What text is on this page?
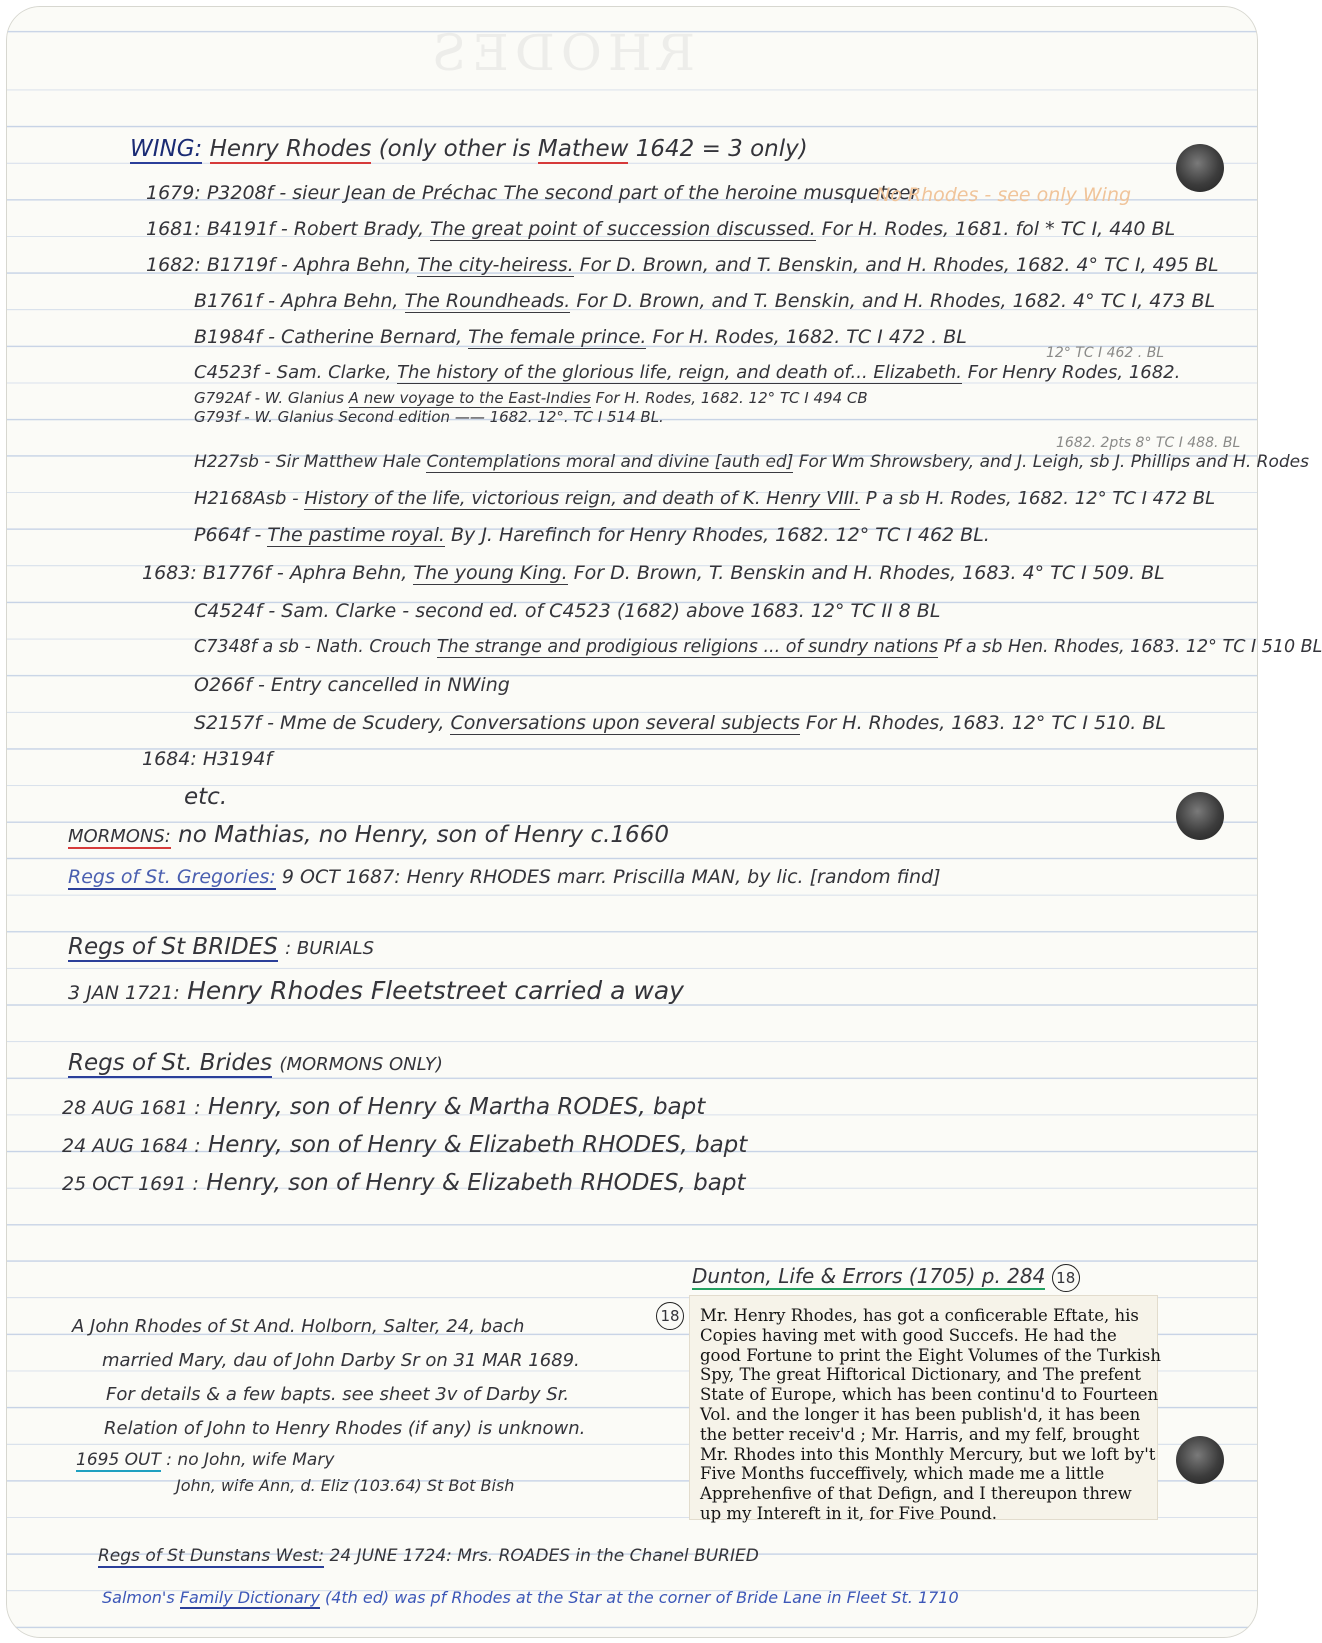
RHODES
WING: Henry Rhodes (only other is Mathew 1642 = 3 only)
1679: P3208f - sieur Jean de Préchac The second part of the heroine musqueteer
No Rhodes - see only Wing
1681: B4191f - Robert Brady, The great point of succession discussed. For H. Rodes, 1681. fol * TC I, 440 BL
1682: B1719f - Aphra Behn, The city-heiress. For D. Brown, and T. Benskin, and H. Rhodes, 1682. 4° TC I, 495 BL
B1761f - Aphra Behn, The Roundheads. For D. Brown, and T. Benskin, and H. Rhodes, 1682. 4° TC I, 473 BL
B1984f - Catherine Bernard, The female prince. For H. Rodes, 1682. TC I 472 . BL
12° TC I 462 . BL
C4523f - Sam. Clarke, The history of the glorious life, reign, and death of... Elizabeth. For Henry Rodes, 1682.
G792Af - W. Glanius A new voyage to the East-Indies For H. Rodes, 1682. 12° TC I 494 CB
G793f - W. Glanius Second edition —— 1682. 12°. TC I 514 BL.
1682. 2pts 8° TC I 488. BL
H227sb - Sir Matthew Hale Contemplations moral and divine [auth ed] For Wm Shrowsbery, and J. Leigh, sb J. Phillips and H. Rodes
H2168Asb - History of the life, victorious reign, and death of K. Henry VIII. P a sb H. Rodes, 1682. 12° TC I 472 BL
P664f - The pastime royal. By J. Harefinch for Henry Rhodes, 1682. 12° TC I 462 BL.
1683: B1776f - Aphra Behn, The young King. For D. Brown, T. Benskin and H. Rhodes, 1683. 4° TC I 509. BL
C4524f - Sam. Clarke - second ed. of C4523 (1682) above 1683. 12° TC II 8 BL
C7348f a sb - Nath. Crouch The strange and prodigious religions ... of sundry nations Pf a sb Hen. Rhodes, 1683. 12° TC I 510 BL
O266f - Entry cancelled in NWing
S2157f - Mme de Scudery, Conversations upon several subjects For H. Rhodes, 1683. 12° TC I 510. BL
1684: H3194f
etc.
MORMONS: no Mathias, no Henry, son of Henry c.1660
Regs of St. Gregories: 9 OCT 1687: Henry RHODES marr. Priscilla MAN, by lic. [random find]
Regs of St BRIDES : BURIALS
3 JAN 1721: Henry Rhodes Fleetstreet carried a way
Regs of St. Brides (MORMONS ONLY)
28 AUG 1681 : Henry, son of Henry & Martha RODES, bapt
24 AUG 1684 : Henry, son of Henry & Elizabeth RHODES, bapt
25 OCT 1691 : Henry, son of Henry & Elizabeth RHODES, bapt
Dunton, Life & Errors (1705) p. 284 18
Mr. Henry Rhodes, has got a conficerable Eftate, his
Copies having met with good Succefs. He had the
good Fortune to print the Eight Volumes of the Turkish
Spy, The great Hiftorical Dictionary, and The prefent
State of Europe, which has been continu'd to Fourteen
Vol. and the longer it has been publish'd, it has been
the better receiv'd ; Mr. Harris, and my felf, brought
Mr. Rhodes into this Monthly Mercury, but we loft by't
Five Months fucceffively, which made me a little
Apprehenfive of that Defign, and I thereupon threw
up my Intereft in it, for Five Pound.
18
A John Rhodes of St And. Holborn, Salter, 24, bach
married Mary, dau of John Darby Sr on 31 MAR 1689.
For details & a few bapts. see sheet 3v of Darby Sr.
Relation of John to Henry Rhodes (if any) is unknown.
1695 OUT : no John, wife Mary
John, wife Ann, d. Eliz (103.64) St Bot Bish
Regs of St Dunstans West: 24 JUNE 1724: Mrs. ROADES in the Chanel BURIED
Salmon's Family Dictionary (4th ed) was pf Rhodes at the Star at the corner of Bride Lane in Fleet St. 1710
